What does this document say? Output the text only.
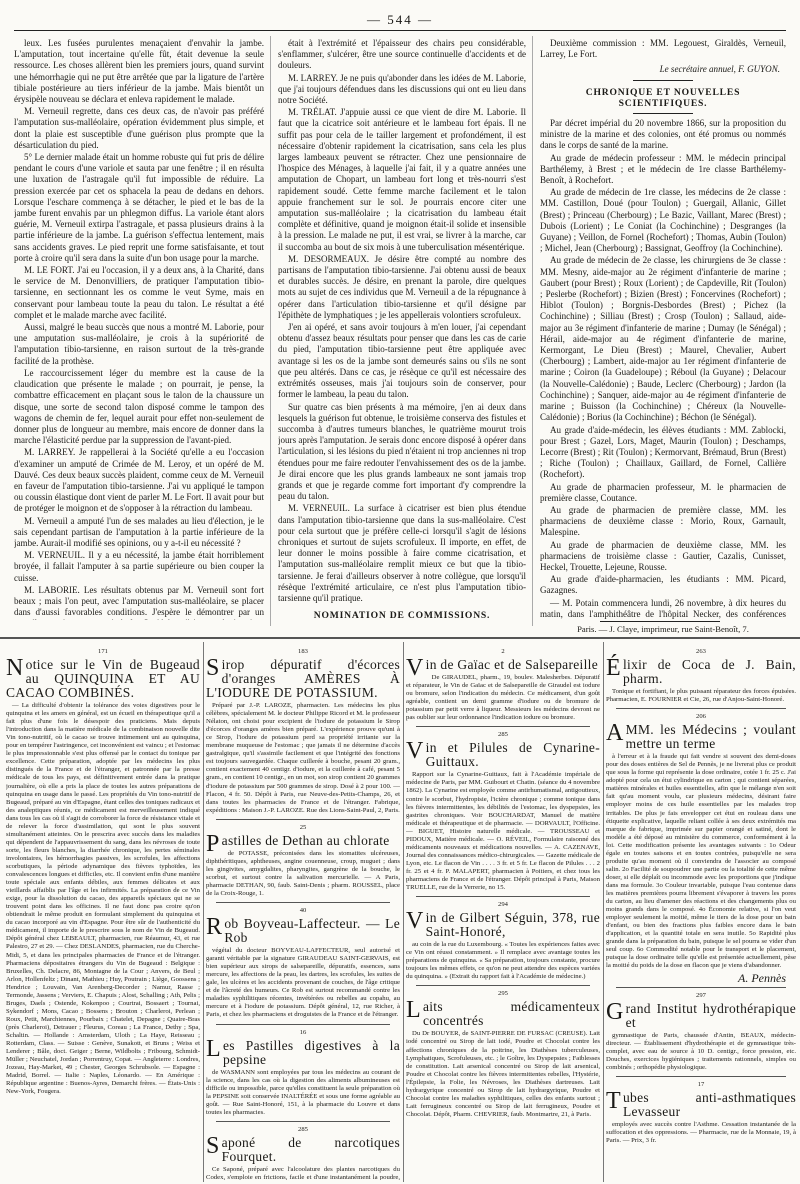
— 544 —

leux. Les fusées purulentes menaçaient d'envahir la jambe. L'amputation, tout incertaine qu'elle fût, était devenue la seule ressource. Les choses allèrent bien les premiers jours, quand survint une hémorrhagie qui ne put être arrêtée que par la ligature de l'artère tibiale postérieure au tiers inférieur de la jambe. Mais bientôt un érysipèle nouveau se déclara et enleva rapidement le malade.

M. Verneuil regrette, dans ces deux cas, de n'avoir pas préféré l'amputation sus-malléolaire, opération évidemment plus simple, et dont la plaie est susceptible d'une guérison plus prompte que la désarticulation du pied.

5° Le dernier malade était un homme robuste qui fut pris de délire pendant le cours d'une variole et sauta par une fenêtre ; il en résulta une luxation de l'astragale qu'il fut impossible de réduire. La pression exercée par cet os sphacela la peau de dedans en dehors. Lorsque l'eschare commença à se détacher, le pied et le bas de la jambe furent envahis par un phlegmon diffus. La variole étant alors guérie, M. Verneuil extirpa l'astragale, et passa plusieurs drains à la partie inférieure de la jambe. La guérison s'effectua lentement, mais sans accidents graves. Le pied reprit une forme satisfaisante, et tout porte à croire qu'il sera dans la suite d'un bon usage pour la marche.

M. LE FORT. J'ai eu l'occasion, il y a deux ans, à la Charité, dans le service de M. Denonvilliers, de pratiquer l'amputation tibio-tarsienne, en sectionnant les os comme le veut Syme, mais en conservant pour lambeau toute la peau du talon. Le résultat a été complet et le malade marche avec facilité.

Aussi, malgré le beau succès que nous a montré M. Laborie, pour une amputation sus-malléolaire, je crois à la supériorité de l'amputation tibio-tarsienne, en raison surtout de la très-grande facilité de la prothèse.

Le raccourcissement léger du membre est la cause de la claudication que présente le malade ; on pourrait, je pense, la combattre efficacement en plaçant sous le talon de la chaussure un disque, une sorte de second talon disposé comme le tampon des wagons de chemin de fer, lequel aurait pour effet non-seulement de donner plus de longueur au membre, mais encore de donner dans la marche l'élasticité perdue par la suppression de l'avant-pied.

M. LARREY. Je rappellerai à la Société qu'elle a eu l'occasion d'examiner un amputé de Crimée de M. Leroy, et un opéré de M. Dauvé. Ces deux beaux succès plaident, comme ceux de M. Verneuil en faveur de l'amputation tibio-tarsienne. J'ai vu appliqué le tampon ou coussin élastique dont vient de parler M. Le Fort. Il avait pour but de protéger le moignon et de s'opposer à la rétraction du lambeau.

M. Verneuil a amputé l'un de ses malades au lieu d'élection, je le sais cependant partisan de l'amputation à la partie inférieure de la jambe. Aurait-il modifié ses opinions, ou y a-t-il eu nécessité ?

M. VERNEUIL. Il y a eu nécessité, la jambe était horriblement broyée, il fallait l'amputer à sa partie supérieure ou bien couper la cuisse.

M. LABORIE. Les résultats obtenus par M. Verneuil sont fort beaux ; mais l'on peut, avec l'amputation sus-malléolaire, se placer dans d'aussi favorables conditions. J'espère le démontrer par un

était à l'extrémité et l'épaisseur des chairs peu considérable, s'enflammer, s'ulcérer, être une source continuelle d'accidents et de douleurs.

M. LARREY. Je ne puis qu'abonder dans les idées de M. Laborie, que j'ai toujours défendues dans les discussions qui ont eu lieu dans notre Société.

M. TRÉLAT. J'appuie aussi ce que vient de dire M. Laborie. Il faut que la cicatrice soit antérieure et le lambeau fort épais. Il ne suffit pas pour cela de le tailler largement et profondément, il est nécessaire d'obtenir rapidement la cicatrisation, sans cela les plus larges lambeaux peuvent se rétracter. Chez une pensionnaire de l'hospice des Ménages, à laquelle j'ai fait, il y a quatre années une amputation de Chopart, un lambeau fort long et très-nourri s'est rapidement soudé. Cette femme marche facilement et le talon appuie franchement sur le sol. Je pourrais encore citer une amputation sus-malléolaire ; la cicatrisation du lambeau était complète et définitive, quand je moignon était-il solide et insensible à la pression. Le malade ne put, il est vrai, se livrer à la marche, car il succomba au bout de six mois à une tuberculisation mésentérique.

M. DESORMEAUX. Je désire être compté au nombre des partisans de l'amputation tibio-tarsienne. J'ai obtenu aussi de beaux et durables succès. Je désire, en prenant la parole, dire quelques mots au sujet de ces individus que M. Verneuil a de la répugnance à opérer dans l'articulation tibio-tarsienne et qu'il désigne par l'épithète de lymphatiques ; je les appellerais volontiers scrofuleux.

J'en ai opéré, et sans avoir toujours à m'en louer, j'ai cependant obtenu d'assez beaux résultats pour penser que dans les cas de carie du pied, l'amputation tibio-tarsienne peut être appliquée avec avantage si les os de la jambe sont demeurés sains ou s'ils ne sont que peu altérés. Dans ce cas, je résèque ce qu'il est nécessaire des extrémités osseuses, mais j'ai toujours soin de conserver, pour former le lambeau, la peau du talon.

Sur quatre cas bien présents à ma mémoire, j'en ai deux dans lesquels la guérison fut obtenue, le troisième conserva des fistules et succomba à d'autres tumeurs blanches, le quatrième mourut trois jours après l'amputation. Je serais donc encore disposé à opérer dans l'articulation, si les lésions du pied n'étaient ni trop anciennes ni trop étendues pour me faire redouter l'envahissement des os de la jambe. Je dirai encore que les plus grands lambeaux ne sont jamais trop grands et que je regarde comme fort important d'y comprendre la peau du talon.

M. VERNEUIL. La surface à cicatriser est bien plus étendue dans l'amputation tibio-tarsienne que dans la sus-malléolaire. C'est pour cela surtout que je préfère celle-ci lorsqu'il s'agit de lésions chroniques et surtout de sujets scrofuleux. Il importe, en effet, de leur donner le moins possible à faire comme cicatrisation, et l'amputation sus-malléolaire remplit mieux ce but que la tibio-tarsienne. Je ferai d'ailleurs observer à notre collègue, que lorsqu'il résèque l'extrémité articulaire, ce n'est plus l'amputation tibio-tarsienne qu'il pratique.

NOMINATION DE COMMISSIONS.

Deuxième commission : MM. Legouest, Giraldès, Verneuil, Larrey, Le Fort.

Le secrétaire annuel, F. GUYON.
CHRONIQUE ET NOUVELLES SCIENTIFIQUES.

Par décret impérial du 20 novembre 1866, sur la proposition du ministre de la marine et des colonies, ont été promus ou nommés dans le corps de santé de la marine.

Au grade de médecin professeur : MM. le médecin principal Barthélemy, à Brest ; et le médecin de 1re classe Barthélemy-Benoît, à Rochefort.

Au grade de médecin de 1re classe, les médecins de 2e classe : MM. Castillon, Doué (pour Toulon) ; Guergail, Allanic, Gillet (Brest) ; Princeau (Cherbourg) ; Le Bazic, Vaillant, Marec (Brest) ; Dubois (Lorient) ; Le Coniat (la Cochinchine) ; Desgranges (la Guyane) ; Veillon, de Fornel (Rochefort) ; Thomas, Aubin (Toulon) ; Michel, Jean (Cherbourg) ; Bassignat, Geoffroy (la Cochinchine).

Au grade de médecin de 2e classe, les chirurgiens de 3e classe : MM. Mesny, aide-major au 2e régiment d'infanterie de marine ; Gaubert (pour Brest) ; Roux (Lorient) ; de Capdeville, Rit (Toulon) ; Peslerbe (Rochefort) ; Bizien (Brest) ; Foncervines (Rochefort) ; Hiblot (Toulon) ; Borgnis-Desbordes (Brest) ; Pichez (la Cochinchine) ; Silliau (Brest) ; Crosp (Toulon) ; Sallaud, aide-major au 3e régiment d'infanterie de marine ; Dumay (le Sénégal) ; Hérail, aide-major au 4e régiment d'infanterie de marine, Kermorgant, Le Dieu (Brest) ; Maurel, Chevalier, Aubert (Cherbourg) ; Lambert, aide-major au 1er régiment d'infanterie de marine ; Coiron (la Guadeloupe) ; Réboul (la Guyane) ; Delacour (la Nouvelle-Calédonie) ; Baude, Leclerc (Cherbourg) ; Jardon (la Cochinchine) ; Sanquer, aide-major au 4e régiment d'infanterie de marine ; Buisson (la Cochinchine) ; Chéreux (la Nouvelle-Calédonie) ; Borius (la Cochinchine) ; Béchon (le Sénégal).

Au grade d'aide-médecin, les élèves étudiants : MM. Zablocki, pour Brest ; Gazel, Lors, Maget, Maurin (Toulon) ; Deschamps, Lecorre (Brest) ; Rit (Toulon) ; Kermorvant, Brémaud, Brun (Brest) ; Riche (Toulon) ; Chaillaux, Gaillard, de Fornel, Callière (Rochefort).

Au grade de pharmacien professeur, M. le pharmacien de première classe, Coutance.

Au grade de pharmacien de première classe, MM. les pharmaciens de deuxième classe : Morio, Roux, Garnault, Malespine.

Au grade de pharmacien de deuxième classe, MM. les pharmaciens de troisième classe : Gautier, Cazalis, Cunisset, Heckel, Trouette, Lejeune, Rousse.

Au grade d'aide-pharmacien, les étudiants : MM. Picard, Gazagnes.

— M. Potain commencera lundi, 26 novembre, à dix heures du matin, dans l'amphithéâtre de l'hôpital Necker, des conférences

Paris. — J. Claye, imprimeur, rue Saint-Benoît, 7.
171
Notice sur le Vin de Bugeaud au QUINQUINA ET AU CACAO COMBINÉS.

— La difficulté d'obtenir la tolérance des voies digestives pour le quinquina et les amers en général, est un écueil en thérapeutique qu'il a fait plus d'une fois le désespoir des praticiens. Mais depuis l'introduction dans la matière médicale de la combinaison nouvelle dite Vin tono-nutritif, où le cacao se trouve intimement uni au quinquina, pour en tempérer l'astringence, cet inconvénient est vaincu ; et l'estomac le plus impressionnable s'est plus offensé par le contact du tonique par excellence. Cette préparation, adoptée par les médecins les plus distingués de la France et de l'étranger, et patronnée par la presse médicale de tous les pays, est définitivement entrée dans la pratique journalière, où elle a pris la place de toutes les autres préparations de quinquina en usage dans le passé. Les propriétés du Vin tono-nutritif de Bugeaud, préparé au vin d'Espagne, étant celles des toniques radicaux et des analeptiques réunis, ce médicament est merveilleusement indiqué dans tous les cas où il s'agit de corroborer la force de résistance vitale et de relever la force d'assimilation, qui sont le plus souvent simultanément atteintes. On le prescrira avec succès dans les maladies qui dépendent de l'appauvrissement du sang, dans les névroses de toute sorte, les fleurs blanches, la diarrhée chronique, les pertes séminales involontaires, les hémorrhagies passives, les scrofules, les affections scorbutiques, la période adynamique des fièvres typhoïdes, les convalescences longues et difficiles, etc. Il convient enfin d'une manière toute spéciale aux enfants débiles, aux femmes délicates et aux vieillards affaiblis par l'âge et les infirmités. La préparation de ce Vin exige, pour la dissolution du cacao, des appareils spéciaux qui ne se trouvent point dans les officines. Il ne faut donc pas croire qu'on obtiendrait le même produit en formulant simplement du quinquina et du cacao incorporé au vin d'Espagne. Pour être sûr de l'authenticité du médicament, il importe de le prescrire sous le nom de Vin de Bugeaud. Dépôt général chez LEBEAULT, pharmacien, rue Réaumur, 43, et rue Palestro, 27 et 29. — Chez DESLANDES, pharmacien, rue du Cherche-Midi, 5, et dans les principales pharmacies de France et de l'étranger. Pharmaciens dépositaires étrangers du Vin de Bugeaud : Belgique : Bruxelles, Ch. Delacre, 86, Montagne de la Cour ; Anvers, de Beul ; Arlon, Hollenfeltz ; Dinant, Mathieu ; Huy, Poutrain ; Liège, Goossens ; Hendrice ; Louvain, Van Arenberg-Decorder ; Namur, Rasse ; Termonde, Jassens ; Verviers, E. Chapuis ; Alost, Schalling ; Ath, Pelis ; Bruges, Daels ; Ostende, Kokenpoo ; Courtrai, Bossaert ; Tournai, Sykendorf ; Mons, Cacao ; Bossens ; Brouton ; Charleroi, Perlean ; Roux, Petit, Marchiennes, Pourbaix ; Chatelet, Depagne ; Quaire-Bras (près Charleroi), Detrauer ; Fleurus, Coreau ; La France, Dethy ; Spa, Schaltin. — Hollande : Amsterdam, Uloth ; La Haye, Reisseau ; Rotterdam, Class. — Suisse : Genève, Sunakott, et Bruns ; Weiss et Lenderer ; Bâle, doct. Geiger ; Berne, Wildbolts ; Fribourg, Schmidt-Müller ; Neuchatel, Jordan ; Porrentruy, Copat. — Angleterre : Londres, Jozeau, Hay-Market, 49 ; Chester, Georges Schrubsole. — Espagne : Madrid, Borrel. — Italie : Naples, Léonardo. — En Amérique : République argentine : Buenos-Ayres, Demarchi frères. — États-Unis : New-York, Fougera.

183
Sirop dépuratif d'écorces d'oranges AMÈRES À L'IODURE DE POTASSIUM.

Préparé par J.-P. LAROZE, pharmacien. Les médecins les plus célèbres, spécialement M. le docteur Philippe Ricord et M. le professeur Nélaton, ont choisi pour excipient de l'iodure de potassium le Sirop d'écorces d'oranges amères bien préparé. L'expérience prouve qu'uni à ce Sirop, l'iodure de potassium perd sa propriété irritante sur la membrane muqueuse de l'estomac ; que jamais il ne détermine d'accès gastralgique, qu'il s'assimile facilement et que l'intégrité des fonctions est toujours sauvegardée. Chaque cuillerée à bouche, pesant 20 gram., contient exactement 40 centigr. d'iodure, et la cuillerée à café, pesant 5 gram., en contient 10 centigr., en un mot, son sirop contient 20 grammes d'iodure de potassium par 500 grammes de sirop. Dosé à 2 pour 100. — Flacon, 4 fr. 50. Dépôt à Paris, rue Neuve-des-Petits-Champs, 26, et dans toutes les pharmacies de France et de l'étranger. Fabrique, expéditions : Maison J.-P. LAROZE. Rue des Lions-Saint-Paul, 2, Paris.

25
Pastilles de Dethan au chlorate

de POTASSE, préconisées dans les stomatites ulcéreuses, diphthéritiques, aphtheuses, angine couenneuse, croup, muguet ; dans les gingivites, amygdalites, pharyngites, gangrène de la bouche, le scorbut, et surtout contre la salivation mercurielle. — A Paris, pharmacie DETHAN, 90, faub. Saint-Denis ; pharm. ROUSSEL, place de la Croix-Rouge, 1.

40
Rob Boyveau-Laffecteur. — Le Rob

végétal du docteur BOYVEAU-LAFFECTEUR, seul autorisé et garanti véritable par la signature GIRAUDEAU SAINT-GERVAIS, est bien supérieur aux sirops de salsepareille, dépuratifs, essences, sans mercure, les affections de la peau, les dartres, les scrofules, les suites de gale, les ulcères et les accidents provenant de couches, de l'âge critique et de l'âcreté des humeurs. Ce Rob est surtout recommandé contre les maladies syphilitiques récentes, invétérées ou rebelles au copahu, au mercure et à l'iodure de potassium. Dépôt général, 12, rue Richer, à Paris, et chez les pharmaciens et droguistes de la France et de l'étranger.

16
Les Pastilles digestives à la pepsine

de WASMANN sont employées par tous les médecins au courant de la science, dans les cas où la digestion des aliments albumineuses est difficile ou impossible, parce qu'elles constituent la seule préparation où la PEPSINE soit conservée INALTÉRÉE et sous une forme agréable au goût. — Rue Saint-Honoré, 151, à la pharmacie du Louvre et dans toutes les pharmacies.

285
Saponé de narcotiques Fourquet.

Ce Saponé, préparé avec l'alcoolature des plantes narcotiques du Codex, s'emploie en frictions, facile et d'une instantanément la poudre,

2
Vin de Gaïac et de Salsepareille

De GIRAUDEL, pharm., 19, boulev. Malesherbes. Dépuratif et réparateur, le Vin de Gaïac et de Salsepareille de Giraudel est iodure ou bromure, selon l'indication du médecin. Ce médicament, d'un goût agréable, contient un demi gramme d'iodure ou de bromure de potassium par petit verre à liqueur. Messieurs les médecins devront ne pas oublier sur leur ordonnance l'indication iodure ou bromure.

285
Vin et Pilules de Cynarine-Guittaux.

Rapport sur la Cynarine-Guittaux, fait à l'Académie impériale de médecine de Paris, par MM. Guibourt et Chatin. (séance du 4 novembre 1862). La Cynarine est employée comme antirhumatismal, antigoutteux, contre le scorbut, l'hydropisie, l'ictère chronique ; comme tonique dans les fièvres intermittentes, les débilités de l'estomac, les dyspepsies, les gastrites chroniques. Voir BOUCHARDAT, Manuel de matière médicale et thérapeutique et de pharmacie. — DORVAULT, l'Officine. — BIGUET, Histoire naturelle médicale. — TROUSSEAU et PIDOUX, Matière médicale. — O. RÉVEIL, Formulaire raisonné des médicaments nouveaux et médications nouvelles. — A. CAZENAVE, Journal des connaissances médico-chirurgicales. — Gazette médicale de Lyon, etc. Le flacon de Vin . . . . 3 fr. et 5 fr. Le flacon de Pilules . . . 2 fr. 25 et 4 fr. P. MALAPERT, pharmacien à Poitiers, et chez tous les pharmaciens de France et de l'étranger. Dépôt principal à Paris, Maison TRUELLE, rue de la Verrerie, no 15.

294
Vin de Gilbert Séguin, 378, rue Saint-Honoré,

au coin de la rue du Luxembourg. « Toutes les expériences faites avec ce Vin ont réussi constamment. » Il remplace avec avantage toutes les préparations de quinquina. « Sa préparation, toujours constante, procure toujours les mêmes effets, ce qu'on ne peut attendre des espèces variées du quinquina. » (Extrait du rapport fait à l'Académie de médecine.)

295
Laits médicamenteux concentrés

Du Dr BOUYER, de SAINT-PIERRE DE FURSAC (CREUSE). Lait iodé concentré ou Sirop de lait iodé, Poudre et Chocolat contre les affections chroniques de la poitrine, les Diathèses tuberculeuses, Lymphatiques, Scrofuleuses, etc. ; le Goître, les Dyspepsies ; Faiblesses de constitution. Lait arsenical concentré ou Sirop de lait arsenical, Poudre et Chocolat contre les fièvres intermittentes rebelles, l'Hystérie, l'Épilepsie, la Folie, les Névroses, les Diathèses dartreuses. Lait hydrargyrique concentré ou Sirop de lait hydrargyrique, Poudre et Chocolat contre les maladies syphilitiques, celles des enfants surtout ; Lait ferrugineux concentré ou Sirop de lait ferrugineux, Poudre et Chocolat. Dépôt, Pharm. CHEVRIER, faub. Montmartre, 21, à Paris.

263
Élixir de Coca de J. Bain, pharm.

Tonique et fortifiant, le plus puissant réparateur des forces épuisées. Pharmacien, E. FOURNIER et Cie, 26, rue d'Anjou-Saint-Honoré.

206
AMM. les Médecins ; voulant mettre un terme

à l'erreur et à la fraude qui fait vendre si souvent des demi-doses pour des doses entières de Sel de Pennès, je ne livrerai plus ce produit que sous la forme qui représente la dose ordinaire, cotée 1 fr. 25 c. J'ai adopté pour cela un étui cylindrique en carton ; qui contient séparées, matières minérales et huiles essentielles, afin que le mélange n'en soit fait qu'au moment voulu, car plusieurs médecins, désirant faire employer moins de ces huile essentielles par les malades trop irritables. De plus je fais envelopper cet étui en rouleau dans une étiquette explicative, laquelle reliant collée à ses deux extrémités ma marque de fabrique, imprimée sur papier orangé et satiné, dont le modèle a été déposé au ministère du commerce, conformément à la loi. Cette modification présente les avantages suivants : 1o Odeur égale en toutes saisons et en toutes contrées, puisqu'elle ne sera produite qu'au moment où il conviendra de l'associer au composé salin. 2o Facilité de soupoudrer une partie ou la totalité de cette même doser, si elle déplaît ou incommode avec les proportions que j'indique dans ma formule. 3o Couleur invariable, puisque l'eau contenue dans les matières premières pourra librement s'évaporer à travers les pores du carton, au lieu d'amener des réactions et des changements plus ou moins grands dans le composé. 4o Économie relative, si l'on veut employer seulement la moitié, même le tiers de la dose pour un bain d'enfant, ou bien des fractions plus faibles encore dans le bain d'application, et la quantité totale en sera inutile. 5o Rapidité plus grande dans la préparation du bain, puisque le sel pourra se vider d'un seul coup. 6o Commodité notable pour le transport et le placement, puisque la dose ordinaire telle qu'elle est présentée actuellement, pèse la moitié du poids de la dose en flacon que je viens d'abandonner.

A. Pennès
297
Grand Institut hydrothérapique et

gymnastique de Paris, chaussée d'Antin, BEAUX, médecin-directeur. — Établissement d'hydrothérapie et de gymnastique très-complet, avec eau de source à 10 D. centigr., force pression, etc. Douches, exercices hygiéniques ; traitements rationnels, simples ou combinés ; orthopédie physiologique.

17
Tubes anti-asthmatiques Levasseur

employés avec succès contre l'Asthme. Cessation instantanée de la suffocation et des oppressions. — Pharmacie, rue de la Monnaie, 19, à Paris. — Prix, 3 fr.
